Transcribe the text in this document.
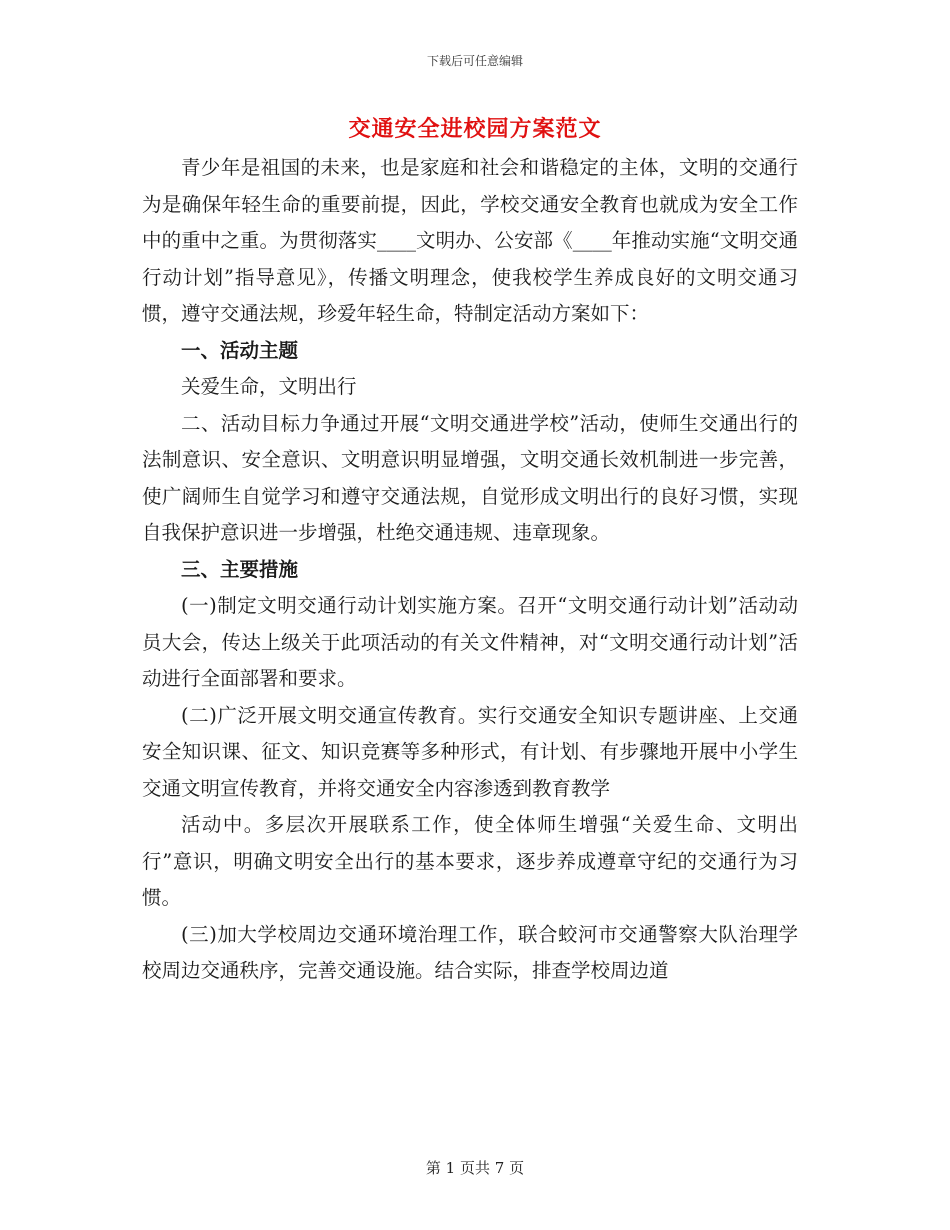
下载后可任意编辑
交通安全进校园方案范文

青少年是祖国的未来，也是家庭和社会和谐稳定的主体，文明的交通行为是确保年轻生命的重要前提，因此，学校交通安全教育也就成为安全工作中的重中之重。为贯彻落实____文明办、公安部《____年推动实施“文明交通行动计划”指导意见》，传播文明理念，使我校学生养成良好的文明交通习惯，遵守交通法规，珍爱年轻生命，特制定活动方案如下：

一、活动主题

关爱生命，文明出行

二、活动目标力争通过开展“文明交通进学校”活动，使师生交通出行的法制意识、安全意识、文明意识明显增强，文明交通长效机制进一步完善，使广阔师生自觉学习和遵守交通法规，自觉形成文明出行的良好习惯，实现自我保护意识进一步增强，杜绝交通违规、违章现象。

三、主要措施

(一)制定文明交通行动计划实施方案。召开“文明交通行动计划”活动动员大会，传达上级关于此项活动的有关文件精神，对“文明交通行动计划”活动进行全面部署和要求。

(二)广泛开展文明交通宣传教育。实行交通安全知识专题讲座、上交通安全知识课、征文、知识竞赛等多种形式，有计划、有步骤地开展中小学生交通文明宣传教育，并将交通安全内容渗透到教育教学

活动中。多层次开展联系工作，使全体师生增强“关爱生命、文明出行”意识，明确文明安全出行的基本要求，逐步养成遵章守纪的交通行为习惯。

(三)加大学校周边交通环境治理工作，联合蛟河市交通警察大队治理学校周边交通秩序，完善交通设施。结合实际，排查学校周边道

第 1 页共 7 页
